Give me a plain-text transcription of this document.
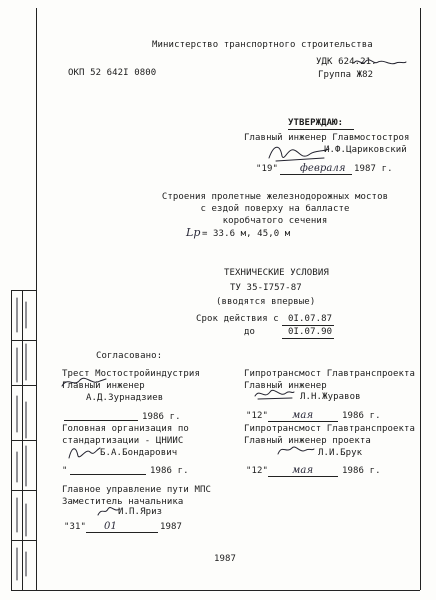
Министерство транспортного строительства
ОКП 52 642I 0800
УДК 624.21.
Группа Ж82
УТВЕРЖДАЮ:
Главный инженер Главмостостроя
И.Ф.Цариковский
"19" февраля 1987 г.
Строения пролетные железнодорожных мостов
с ездой поверху на балласте
коробчатого сечения
Lp = 33.6 м, 45,0 м
ТЕХНИЧЕСКИЕ УСЛОВИЯ
ТУ 35-I757-87
(вводятся впервые)
Срок действия с 0I.07.87
до	0I.07.90
Согласовано:
Трест Мостостройиндустрия
Главный инженер
А.Д.Зурнадзиев
1986 г.
Головная организация по
стандартизации - ЦНИИС
Б.А.Бондарович
"	1986 г.
Главное управление пути МПС
Заместитель начальника
И.П.Яриз
"31" 01	1987
Гипротрансмост Главтранспроекта
Главный инженер
Л.Н.Журавов
"12" мая	1986 г.
Гипротрансмост Главтранспроекта
Главный инженер проекта
Л.И.Брук
"12" мая	1986 г.
1987
